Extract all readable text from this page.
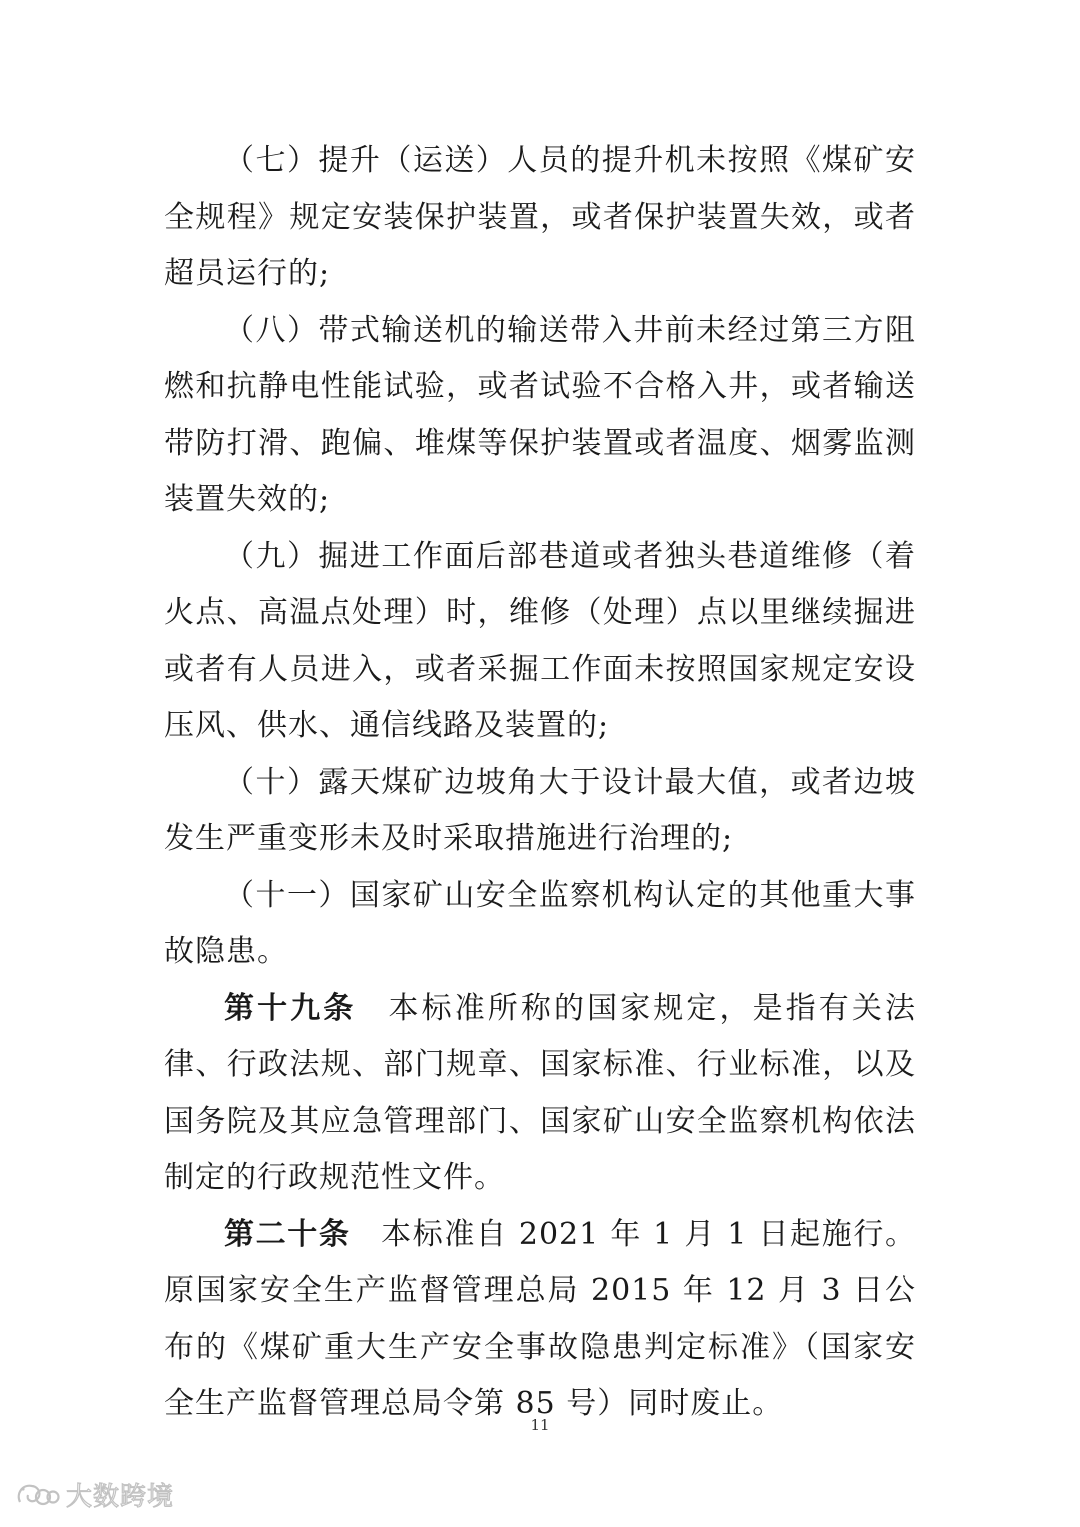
（七）提升（运送）人员的提升机未按照《煤矿安全规程》规定安装保护装置，或者保护装置失效，或者超员运行的;

（八）带式输送机的输送带入井前未经过第三方阻燃和抗静电性能试验，或者试验不合格入井，或者输送带防打滑、跑偏、堆煤等保护装置或者温度、烟雾监测装置失效的;

（九）掘进工作面后部巷道或者独头巷道维修（着火点、高温点处理）时，维修（处理）点以里继续掘进或者有人员进入，或者采掘工作面未按照国家规定安设压风、供水、通信线路及装置的;

（十）露天煤矿边坡角大于设计最大值，或者边坡发生严重变形未及时采取措施进行治理的;

（十一）国家矿山安全监察机构认定的其他重大事故隐患。

第十九条 本标准所称的国家规定，是指有关法律、行政法规、部门规章、国家标准、行业标准，以及国务院及其应急管理部门、国家矿山安全监察机构依法制定的行政规范性文件。

第二十条 本标准自 2021 年 1 月 1 日起施行。原国家安全生产监督管理总局 2015 年 12 月 3 日公布的《煤矿重大生产安全事故隐患判定标准》（国家安全生产监督管理总局令第 85 号）同时废止。

11
大数跨境
